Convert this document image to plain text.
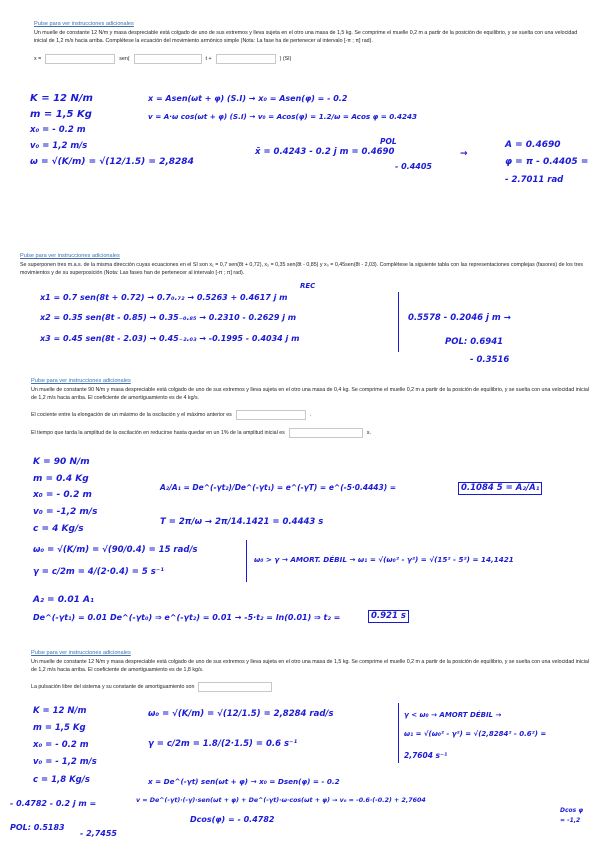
Pulse para ver instrucciones adicionales
Un muelle de constante 12 N/m y masa despreciable está colgado de uno de sus extremos y lleva sujeta en el otro una masa de 1,5 kg. Se comprime el muelle 0,2 m a partir de la posición de equilibrio, y se suelta con una velocidad inicial de 1,2 m/s hacia arriba. Complétese la ecuación del movimiento armónico simple (Nota: La fase ha de pertenecer al intervalo [-π ; π] rad).
x =	sen(	t +	) (SI)
K = 12 N/m
m = 1,5 Kg
x₀ = - 0.2 m
v₀ = 1,2 m/s
ω = √(K/m) = √(12/1.5) = 2,8284
x = Asen(ωt + φ) (S.I) → x₀ = Asen(φ) = - 0.2
v = A·ω cos(ωt + φ) (S.I) → v₀ = Acos(φ) = 1.2/ω = Acos φ = 0.4243
POL
x̄ = 0.4243 - 0.2 j m = 0.4690
- 0.4405
→
A = 0.4690
φ = π - 0.4405 =
- 2.7011 rad
Pulse para ver instrucciones adicionales
Se superponen tres m.a.s. de la misma dirección cuyas ecuaciones en el SI son x₁ = 0,7 sen(8t + 0,72), x₂ = 0,35 sen(8t - 0,85) y x₃ = 0,45sen(8t - 2,03). Complétese la siguiente tabla con las representaciones complejas (fasores) de los tres movimientos y de su superposición (Nota: Las fases han de pertenecer al intervalo [-π ; π] rad).
REC
x1 = 0.7 sen(8t + 0.72) → 0.7₀.₇₂ → 0.5263 + 0.4617 j m
x2 = 0.35 sen(8t - 0.85) → 0.35₋₀.₈₅ → 0.2310 - 0.2629 j m
x3 = 0.45 sen(8t - 2.03) → 0.45₋₂.₀₃ → -0.1995 - 0.4034 j m
0.5578 - 0.2046 j m →
POL: 0.6941
- 0.3516
Pulse para ver instrucciones adicionales
Un muelle de constante 90 N/m y masa despreciable está colgado de uno de sus extremos y lleva sujeta en el otro una masa de 0,4 kg. Se comprime el muelle 0,2 m a partir de la posición de equilibrio, y se suelta con una velocidad inicial de 1,2 m/s hacia arriba. El coeficiente de amortiguamiento es de 4 kg/s.
El cociente entre la elongación de un máximo de la oscilación y el máximo anterior es	.
El tiempo que tarda la amplitud de la oscilación en reducirse hasta quedar en un 1% de la amplitud inicial es	s.
K = 90 N/m
m = 0.4 Kg
x₀ = - 0.2 m
v₀ = -1,2 m/s
c = 4 Kg/s
ω₀ = √(K/m) = √(90/0.4) = 15 rad/s
γ = c/2m = 4/(2·0.4) = 5 s⁻¹
ω₀ > γ → AMORT. DÉBIL → ω₁ = √(ω₀² - γ²) = √(15² - 5²) = 14,1421
A₂/A₁ = De^(-γt₂)/De^(-γt₁) = e^(-γT) = e^(-5·0.4443) =	0.1084 5 = A₂/A₁
T = 2π/ω → 2π/14.1421 = 0.4443 s
A₂ = 0.01 A₁
De^(-γt₁) = 0.01 De^(-γt₀) ⇒ e^(-γt₂) = 0.01 → -5·t₂ = ln(0.01) ⇒ t₂ =	0.921 s
Pulse para ver instrucciones adicionales
Un muelle de constante 12 N/m y masa despreciable está colgado de uno de sus extremos y lleva sujeta en el otro una masa de 1,5 kg. Se comprime el muelle 0,2 m a partir de la posición de equilibrio, y se suelta con una velocidad inicial de 1,2 m/s hacia arriba. El coeficiente de amortiguamiento es de 1,8 kg/s.
La pulsación libre del sistema y su constante de amortiguamiento son
K = 12 N/m
m = 1,5 Kg
x₀ = - 0.2 m
v₀ = - 1,2 m/s
c = 1,8 Kg/s
- 0.4782 - 0.2 j m =
POL: 0.5183
- 2,7455
ω₀ = √(K/m) = √(12/1.5) = 2,8284 rad/s
γ = c/2m = 1.8/(2·1.5) = 0.6 s⁻¹
γ < ω₀ → AMORT DÉBIL →
ω₁ = √(ω₀² - γ²) = √(2,8284² - 0.6²) =
2,7604 s⁻¹
x = De^(-γt) sen(ωt + φ) → x₀ = Dsen(φ) = - 0.2
v = De^(-γt)·(-γ)·sen(ωt + φ) + De^(-γt)·ω·cos(ωt + φ) → v₀ = -0.6·(-0.2) + 2,7604
Dcos(φ) = - 0.4782
Dcos φ
= -1,2
